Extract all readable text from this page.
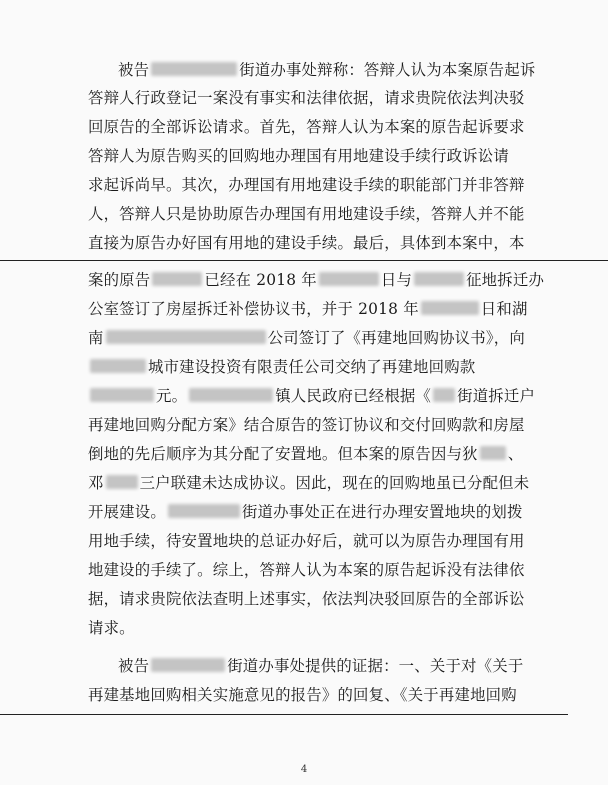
被告	街道办事处辩称：答辩人认为本案原告起诉
答辩人行政登记一案没有事实和法律依据，请求贵院依法判决驳
回原告的全部诉讼请求。首先，答辩人认为本案的原告起诉要求
答辩人为原告购买的回购地办理国有用地建设手续行政诉讼请
求起诉尚早。其次，办理国有用地建设手续的职能部门并非答辩
人，答辩人只是协助原告办理国有用地建设手续，答辩人并不能
直接为原告办好国有用地的建设手续。最后，具体到本案中，本
案的原告	已经在 2018 年	日与	征地拆迁办
公室签订了房屋拆迁补偿协议书，并于 2018 年	日和湖
南	公司签订了《再建地回购协议书》，向
城市建设投资有限责任公司交纳了再建地回购款
元。	镇人民政府已经根据《 街道拆迁户
再建地回购分配方案》结合原告的签订协议和交付回购款和房屋
倒地的先后顺序为其分配了安置地。但本案的原告因与狄 、
邓 三户联建未达成协议。因此，现在的回购地虽已分配但未
开展建设。	街道办事处正在进行办理安置地块的划拨
用地手续，待安置地块的总证办好后，就可以为原告办理国有用
地建设的手续了。综上，答辩人认为本案的原告起诉没有法律依
据，请求贵院依法查明上述事实，依法判决驳回原告的全部诉讼
请求。
被告	街道办事处提供的证据：一、关于对《关于
再建基地回购相关实施意见的报告》的回复、《关于再建地回购
4
